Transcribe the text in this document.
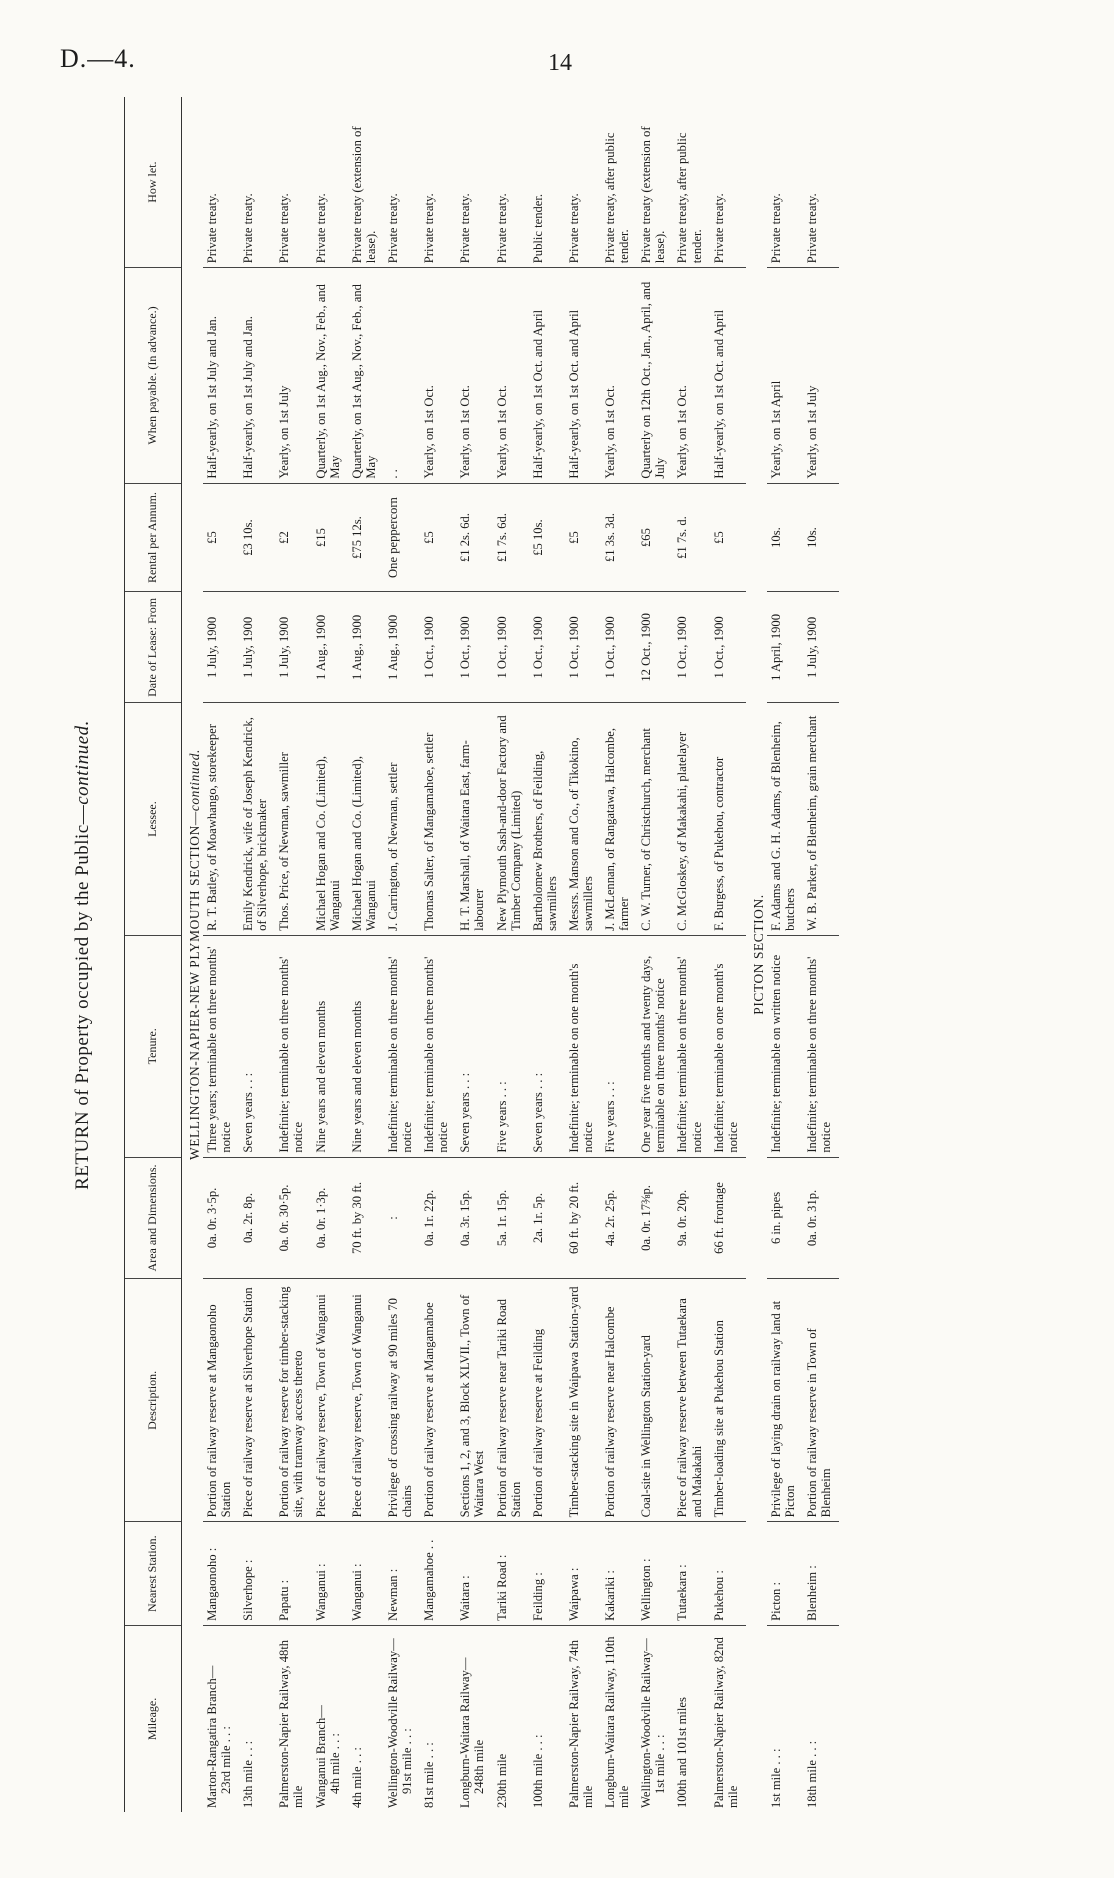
D.—4.	14
RETURN of Property occupied by the Public—continued.
Mileage.	Nearest Station.	Description.	Area and Dimensions.	Tenure.	Lessee.	Date of Lease: From	Rental per Annum.	When payable. (In advance.)	How let.
WELLINGTON-NAPIER-NEW PLYMOUTH SECTION—continued.									

Marton-Rangatira Branch— 23rd mile . . :	Mangaonoho :	Portion of railway reserve at Mangaonoho Station	0a. 0r. 3·5p.	Three years; terminable on three months' notice	R. T. Batley, of Moawhango, storekeeper	1 July, 1900	£5	Half-yearly, on 1st July and Jan.	Private treaty.

13th mile . . :	Silverhope :	Piece of railway reserve at Silverhope Station	0a. 2r. 8p.	Seven years . . :	Emily Kendrick, wife of Joseph Kendrick, of Silverhope, brickmaker	1 July, 1900	£3 10s.	Half-yearly, on 1st July and Jan.	Private treaty.

Palmerston-Napier Railway, 48th mile	Papatu :	Portion of railway reserve for timber-stacking site, with tramway access thereto	0a. 0r. 30·5p.	Indefinite; terminable on three months' notice	Thos. Price, of Newman, sawmiller	1 July, 1900	£2	Yearly, on 1st July	Private treaty.

Wanganui Branch— 4th mile . . :	Wanganui :	Piece of railway reserve, Town of Wanganui	0a. 0r. 1·3p.	Nine years and eleven months	Michael Hogan and Co. (Limited), Wanganui	1 Aug., 1900	£15	Quarterly, on 1st Aug., Nov., Feb., and May	Private treaty.

4th mile . . :	Wanganui :	Piece of railway reserve, Town of Wanganui	70 ft. by 30 ft.	Nine years and eleven months	Michael Hogan and Co. (Limited), Wanganui	1 Aug., 1900	£75 12s.	Quarterly, on 1st Aug., Nov., Feb., and May	Private treaty (extension of lease).

Wellington-Woodville Railway— 91st mile . . :	Newman :	Privilege of crossing railway at 90 miles 70 chains	:	Indefinite; terminable on three months' notice	J. Carrington, of Newman, settler	1 Aug., 1900	One peppercorn	. .	Private treaty.

81st mile . . :	Mangamahoe . .	Portion of railway reserve at Mangamahoe	0a. 1r. 22p.	Indefinite; terminable on three months' notice	Thomas Salter, of Mangamahoe, settler	1 Oct., 1900	£5	Yearly, on 1st Oct.	Private treaty.

Longburn-Waitara Railway— 248th mile	Waitara :	Sections 1, 2, and 3, Block XLVII., Town of Waitara West	0a. 3r. 15p.	Seven years . . :	H. T. Marshall, of Waitara East, farm-labourer	1 Oct., 1900	£1 2s. 6d.	Yearly, on 1st Oct.	Private treaty.

230th mile	Tariki Road :	Portion of railway reserve near Tariki Road Station	5a. 1r. 15p.	Five years . . :	New Plymouth Sash-and-door Factory and Timber Company (Limited)	1 Oct., 1900	£1 7s. 6d.	Yearly, on 1st Oct.	Private treaty.

100th mile . . :	Feilding :	Portion of railway reserve at Feilding	2a. 1r. 5p.	Seven years . . :	Bartholomew Brothers, of Feilding, sawmillers	1 Oct., 1900	£5 10s.	Half-yearly, on 1st Oct. and April	Public tender.

Palmerston-Napier Railway, 74th mile	Waipawa :	Timber-stacking site in Waipawa Station-yard	60 ft. by 20 ft.	Indefinite; terminable on one month's notice	Messrs. Manson and Co., of Tikokino, sawmillers	1 Oct., 1900	£5	Half-yearly, on 1st Oct. and April	Private treaty.

Longburn-Waitara Railway, 110th mile	Kakariki :	Portion of railway reserve near Halcombe	4a. 2r. 25p.	Five years . . :	J. McLennan, of Rangatawa, Halcombe, farmer	1 Oct., 1900	£1 3s. 3d.	Yearly, on 1st Oct.	Private treaty, after public tender.

Wellington-Woodville Railway— 1st mile . . :	Wellington :	Coal-site in Wellington Station-yard	0a. 0r. 17⅜p.	One year five months and twenty days, terminable on three months' notice	C. W. Turner, of Christchurch, merchant	12 Oct., 1900	£65	Quarterly on 12th Oct., Jan., April, and July	Private treaty (extension of lease).

100th and 101st miles	Tutaekara :	Piece of railway reserve between Tutaekara and Makakahi	9a. 0r. 20p.	Indefinite; terminable on three months' notice	C. McGloskey, of Makakahi, platelayer	1 Oct., 1900	£1 7s. d.	Yearly, on 1st Oct.	Private treaty, after public tender.

Palmerston-Napier Railway, 82nd mile	Pukehou :	Timber-loading site at Pukehou Station	66 ft. frontage	Indefinite; terminable on one month's notice	F. Burgess, of Pukehou, contractor	1 Oct., 1900	£5	Half-yearly, on 1st Oct. and April	Private treaty.
PICTON SECTION.									

1st mile . . :	Picton :	Privilege of laying drain on railway land at Picton	6 in. pipes	Indefinite; terminable on written notice	F. Adams and G. H. Adams, of Blenheim, butchers	1 April, 1900	10s.	Yearly, on 1st April	Private treaty.

18th mile . . :	Blenheim :	Portion of railway reserve in Town of Blenheim	0a. 0r. 31p.	Indefinite; terminable on three months' notice	W. B. Parker, of Blenheim, grain merchant	1 July, 1900	10s.	Yearly, on 1st July	Private treaty.
